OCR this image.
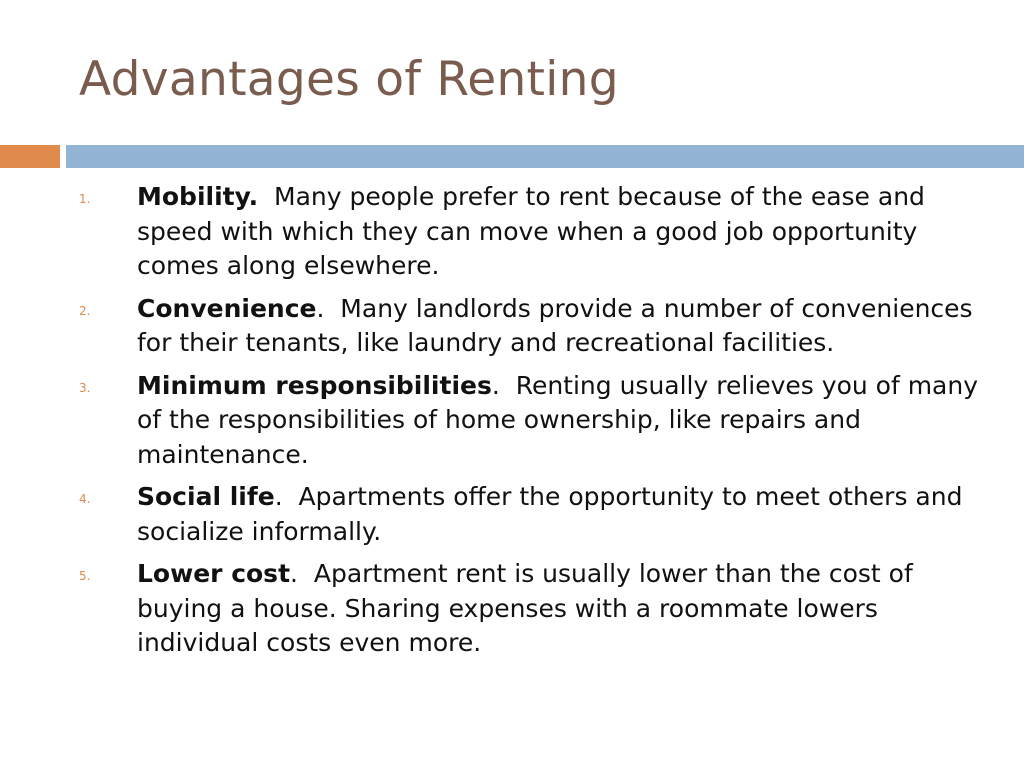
Advantages of Renting
1. Mobility.  Many people prefer to rent because of the ease and speed with which they can move when a good job opportunity comes along elsewhere.
2. Convenience.  Many landlords provide a number of conveniences for their tenants, like laundry and recreational facilities.
3. Minimum responsibilities.  Renting usually relieves you of many of the responsibilities of home ownership, like repairs and maintenance.
4. Social life.  Apartments offer the opportunity to meet others and socialize informally.
5. Lower cost.  Apartment rent is usually lower than the cost of buying a house. Sharing expenses with a roommate lowers individual costs even more.
